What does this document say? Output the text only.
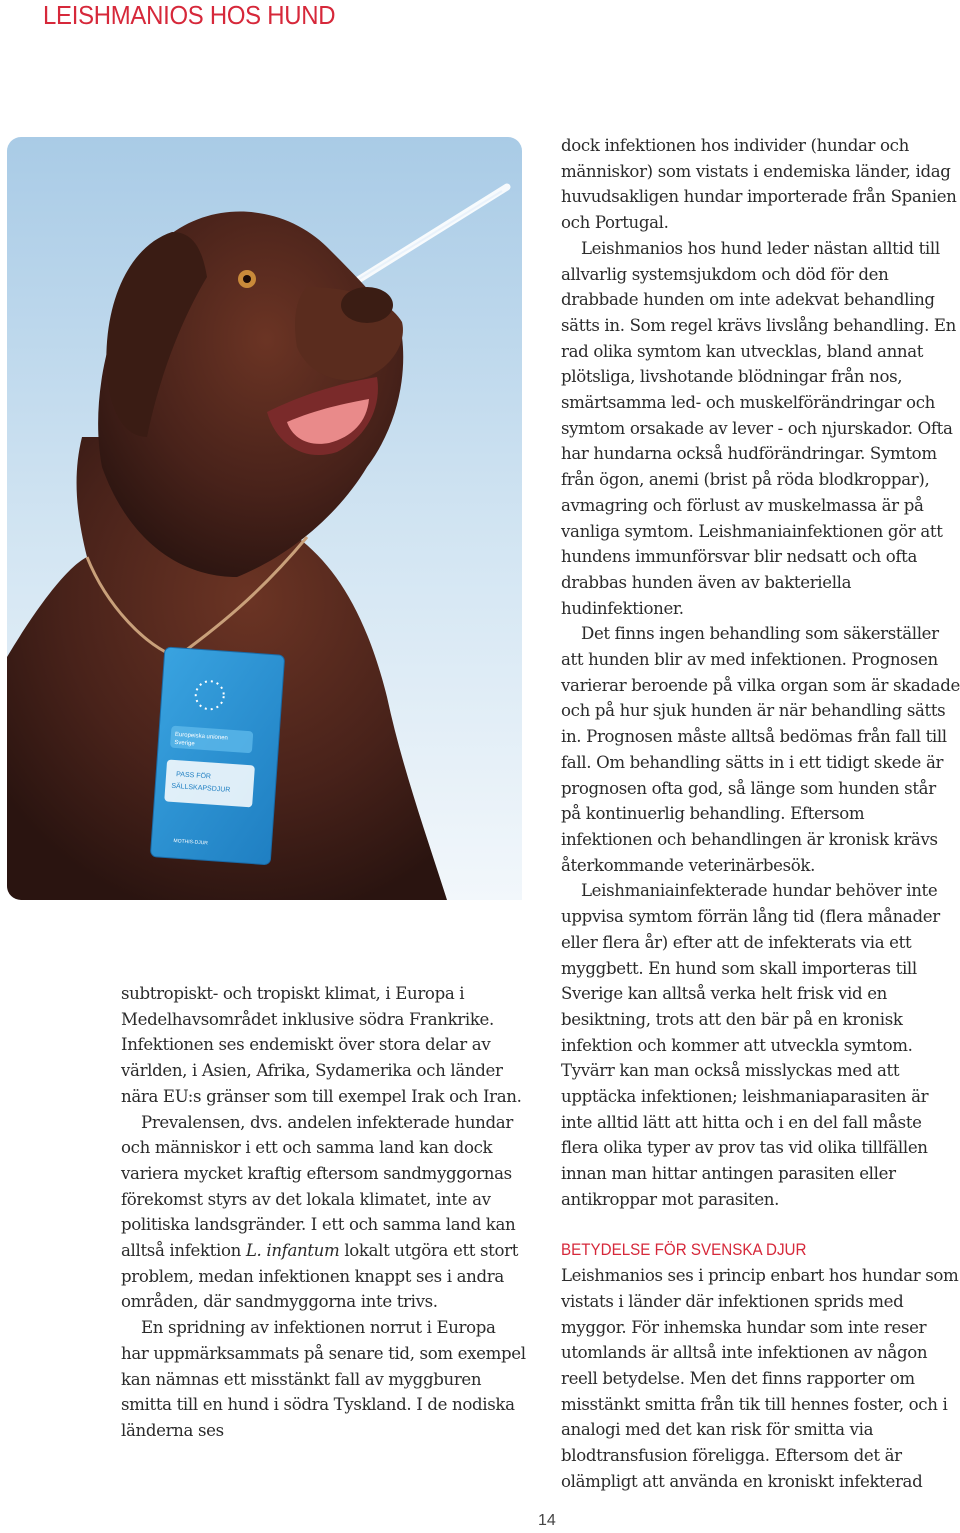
LEISHMANIOS HOS HUND
Europeiska unionen
Sverige
PASS FÖR
SÄLLSKAPSDJUR
MOTHIS-DJUR

subtropiskt- och tropiskt klimat, i Europa i Medelhavsområdet inklusive södra Frankrike. Infektionen ses endemiskt över stora delar av världen, i Asien, Afrika, Sydamerika och länder nära EU:s gränser som till exempel Irak och Iran.

Prevalensen, dvs. andelen infekterade hundar och människor i ett och samma land kan dock variera mycket kraftig eftersom sandmyggornas förekomst styrs av det lokala klimatet, inte av politiska landsgränder. I ett och samma land kan alltså infektion L. infantum lokalt utgöra ett stort problem, medan infektionen knappt ses i andra områden, där sandmyggorna inte trivs.

En spridning av infektionen norrut i Europa har uppmärksammats på senare tid, som exempel kan nämnas ett misstänkt fall av myggburen smitta till en hund i södra Tyskland. I de nodiska länderna ses

dock infektionen hos individer (hundar och människor) som vistats i endemiska länder, idag huvudsakligen hundar importerade från Spanien och Portugal.

Leishmanios hos hund leder nästan alltid till allvarlig systemsjukdom och död för den drabbade hunden om inte adekvat behandling sätts in. Som regel krävs livslång behandling. En rad olika symtom kan utvecklas, bland annat plötsliga, livshotande blödningar från nos, smärtsamma led- och muskelförändringar och symtom orsakade av lever - och njurskador. Ofta har hundarna också hudförändringar. Symtom från ögon, anemi (brist på röda blodkroppar), avmagring och förlust av muskelmassa är på vanliga symtom. Leishmaniainfektionen gör att hundens immunförsvar blir nedsatt och ofta drabbas hunden även av bakteriella hudinfektioner.

Det finns ingen behandling som säkerställer att hunden blir av med infektionen. Prognosen varierar beroende på vilka organ som är skadade och på hur sjuk hunden är när behandling sätts in. Prognosen måste alltså bedömas från fall till fall. Om behandling sätts in i ett tidigt skede är prognosen ofta god, så länge som hunden står på kontinuerlig behandling. Eftersom infektionen och behandlingen är kronisk krävs återkommande veterinärbesök.

Leishmaniainfekterade hundar behöver inte uppvisa symtom förrän lång tid (flera månader eller flera år) efter att de infekterats via ett myggbett. En hund som skall importeras till Sverige kan alltså verka helt frisk vid en besiktning, trots att den bär på en kronisk infektion och kommer att utveckla symtom. Tyvärr kan man också misslyckas med att upptäcka infektionen; leishmaniaparasiten är inte alltid lätt att hitta och i en del fall måste flera olika typer av prov tas vid olika tillfällen innan man hittar antingen parasiten eller antikroppar mot parasiten.

BETYDELSE FÖR SVENSKA DJUR

Leishmanios ses i princip enbart hos hundar som vistats i länder där infektionen sprids med myggor. För inhemska hundar som inte reser utomlands är alltså inte infektionen av någon reell betydelse. Men det finns rapporter om misstänkt smitta från tik till hennes foster, och i analogi med det kan risk för smitta via blodtransfusion föreligga. Eftersom det är olämpligt att använda en kroniskt infekterad

14
